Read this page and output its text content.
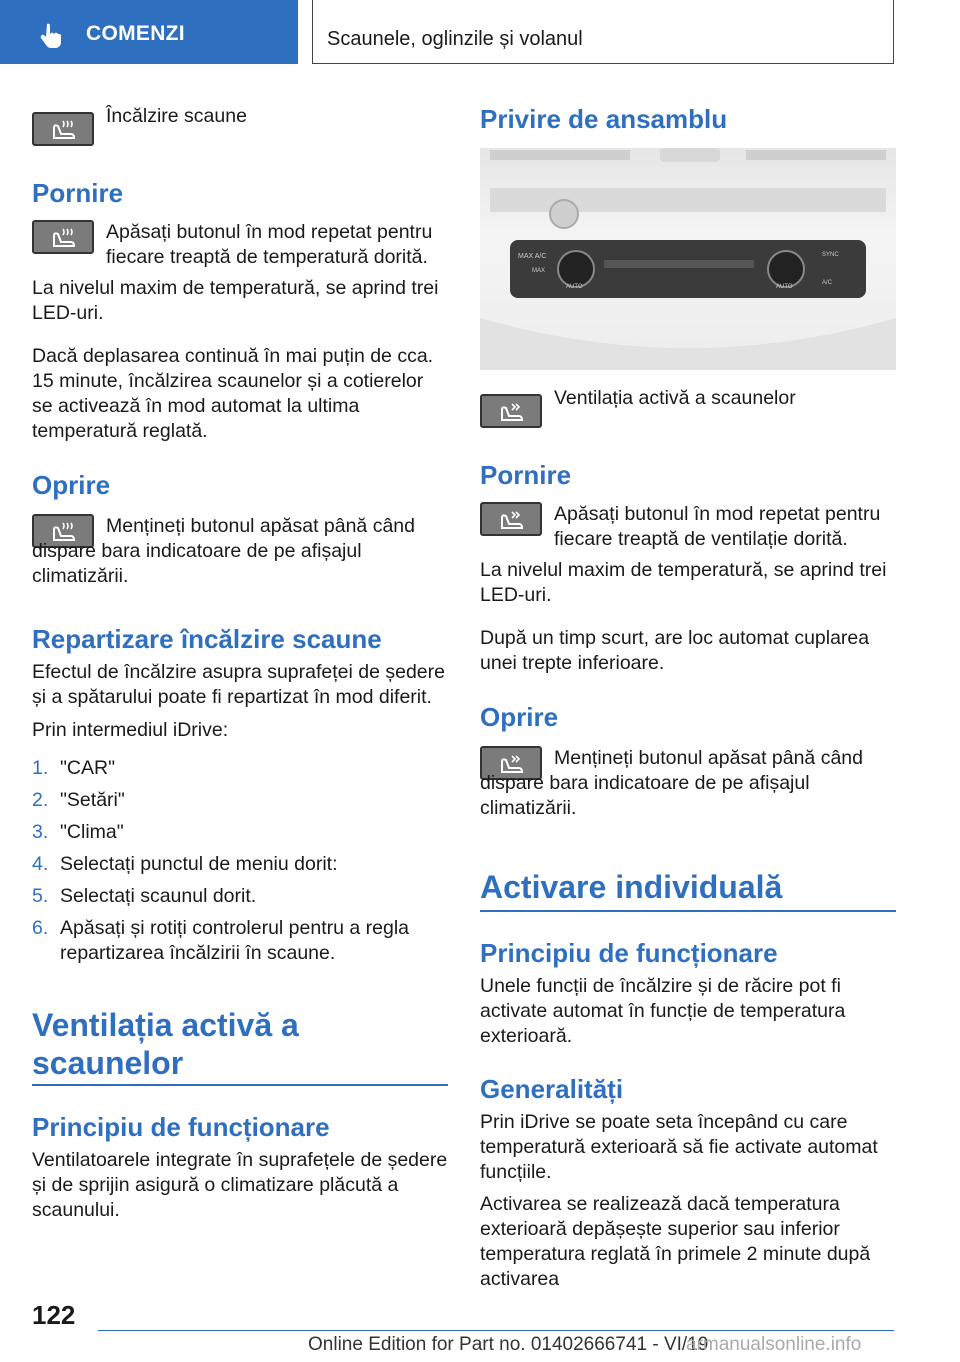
COMENZI	Scaunele, oglinzile și volanul

Încălzire scaune

Pornire

Apăsați butonul în mod repetat pentru fiecare treaptă de temperatură dorită.

La nivelul maxim de temperatură, se aprind trei LED-uri.

Dacă deplasarea continuă în mai puțin de cca. 15 minute, încălzirea scaunelor și a cotierelor se activează în mod automat la ultima temperatură reglată.

Oprire

Mențineți butonul apăsat până când dispare bara indicatoare de pe afișajul climatizării.

Repartizare încălzire scaune

Efectul de încălzire asupra suprafeței de ședere și a spătarului poate fi repartizat în mod diferit.

Prin intermediul iDrive:

1. "CAR"
2. "Setări"
3. "Clima"
4. Selectați punctul de meniu dorit:
5. Selectați scaunul dorit.
6. Apăsați și rotiți controlerul pentru a regla repartizarea încălzirii în scaune.
Ventilația activă a scaunelor
Principiu de funcționare

Ventilatoarele integrate în suprafețele de ședere și de sprijin asigură o climatizare plăcută a scaunului.

Privire de ansamblu
MAX A/C
AUTO	AUTO
SYNC
A/C
MAX

Ventilația activă a scaunelor

Pornire

Apăsați butonul în mod repetat pentru fiecare treaptă de ventilație dorită.

La nivelul maxim de temperatură, se aprind trei LED-uri.

După un timp scurt, are loc automat cuplarea unei trepte inferioare.

Oprire

Mențineți butonul apăsat până când dispare bara indicatoare de pe afișajul climatizării.

Activare individuală
Principiu de funcționare

Unele funcții de încălzire și de răcire pot fi activate automat în funcție de temperatura exterioară.

Generalități

Prin iDrive se poate seta începând cu care temperatură exterioară să fie activate automat funcțiile.

Activarea se realizează dacă temperatura exterioară depășește superior sau inferior temperatura reglată în primele 2 minute după activarea

122
Online Edition for Part no. 01402666741 - VI/19
armanualsonline.info
